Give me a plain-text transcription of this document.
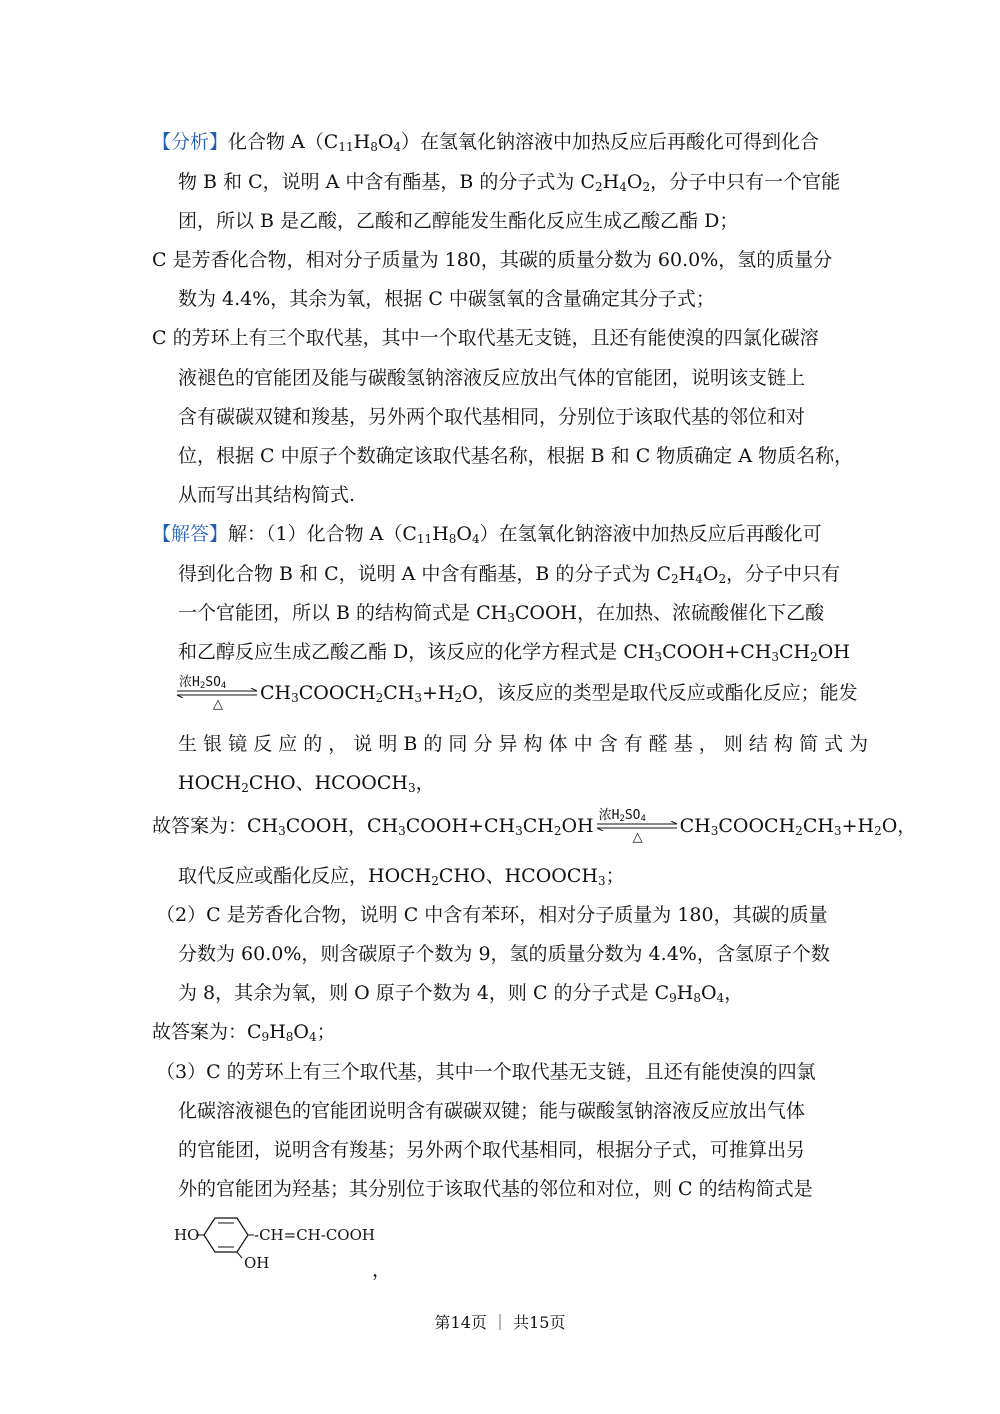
【分析】化合物 $A(C_{11}H_8O_4)$在氢氧化钠溶液中加热反应后再酸化可得到化合
物 B 和 C，说明 A 中含有酯基，B 的分子式为 $C_2H_4O_2$，分子中只有一个官能
团，所以 B 是乙酸，乙酸和乙醇能发生酯化反应生成乙酸乙酯 D；
C 是芳香化合物，相对分子质量为 180，其碳的质量分数为 60.0%，氢的质量分
数为 4.4%，其余为氧，根据 C 中碳氢氧的含量确定其分子式；
C 的芳环上有三个取代基，其中一个取代基无支链，且还有能使溴的四氯化碳溶
液褪色的官能团及能与碳酸氢钠溶液反应放出气体的官能团，说明该支链上
含有碳碳双键和羧基，另外两个取代基相同，分别位于该取代基的邻位和对
位，根据 C 中原子个数确定该取代基名称，根据 B 和 C 物质确定 A 物质名称，
从而写出其结构简式.
【解答】解：（1）化合物 $A(C_{11}H_8O_4)$在氢氧化钠溶液中加热反应后再酸化可
得到化合物 B 和 C，说明 A 中含有酯基，B 的分子式为 $C_2H_4O_2$，分子中只有
一个官能团，所以 B 的结构简式是 $CH_3COOH$，在加热、浓硫酸催化下乙酸
和乙醇反应生成乙酸乙酯 D，该反应的化学方程式是 $CH_3COOH+CH_3CH_2OH$
浓$H_2SO_4$
△
$CH_3COOCH_2CH_3+H_2O$，该反应的类型是取代反应或酯化反应；能发
生 银 镜 反 应 的 ， 说 明 B 的 同 分 异 构 体 中 含 有 醛 基 ， 则 结 构 简 式 为
$HOCH_2CHO$、$HCOOCH_3$，
故答案为：$CH_3COOH$，$CH_3COOH+CH_3CH_2OH$ 浓$H_2SO_4$
△
$CH_3COOCH_2CH_3+H_2O$，
取代反应或酯化反应，$HOCH_2CHO$、$HCOOCH_3$；
（2）C 是芳香化合物，说明 C 中含有苯环，相对分子质量为 180，其碳的质量
分数为 60.0%，则含碳原子个数为 9，氢的质量分数为 4.4%，含氢原子个数
为 8，其余为氧，则 O 原子个数为 4，则 C 的分子式是 $C_9H_8O_4$，
故答案为：$C_9H_8O_4$；
（3）C 的芳环上有三个取代基，其中一个取代基无支链，且还有能使溴的四氯
化碳溶液褪色的官能团说明含有碳碳双键；能与碳酸氢钠溶液反应放出气体
的官能团，说明含有羧基；另外两个取代基相同，根据分子式，可推算出另
外的官能团为羟基；其分别位于该取代基的邻位和对位，则 C 的结构简式是
HO	-CH=CH-COOH
OH	，
第14页 ｜ 共15页
